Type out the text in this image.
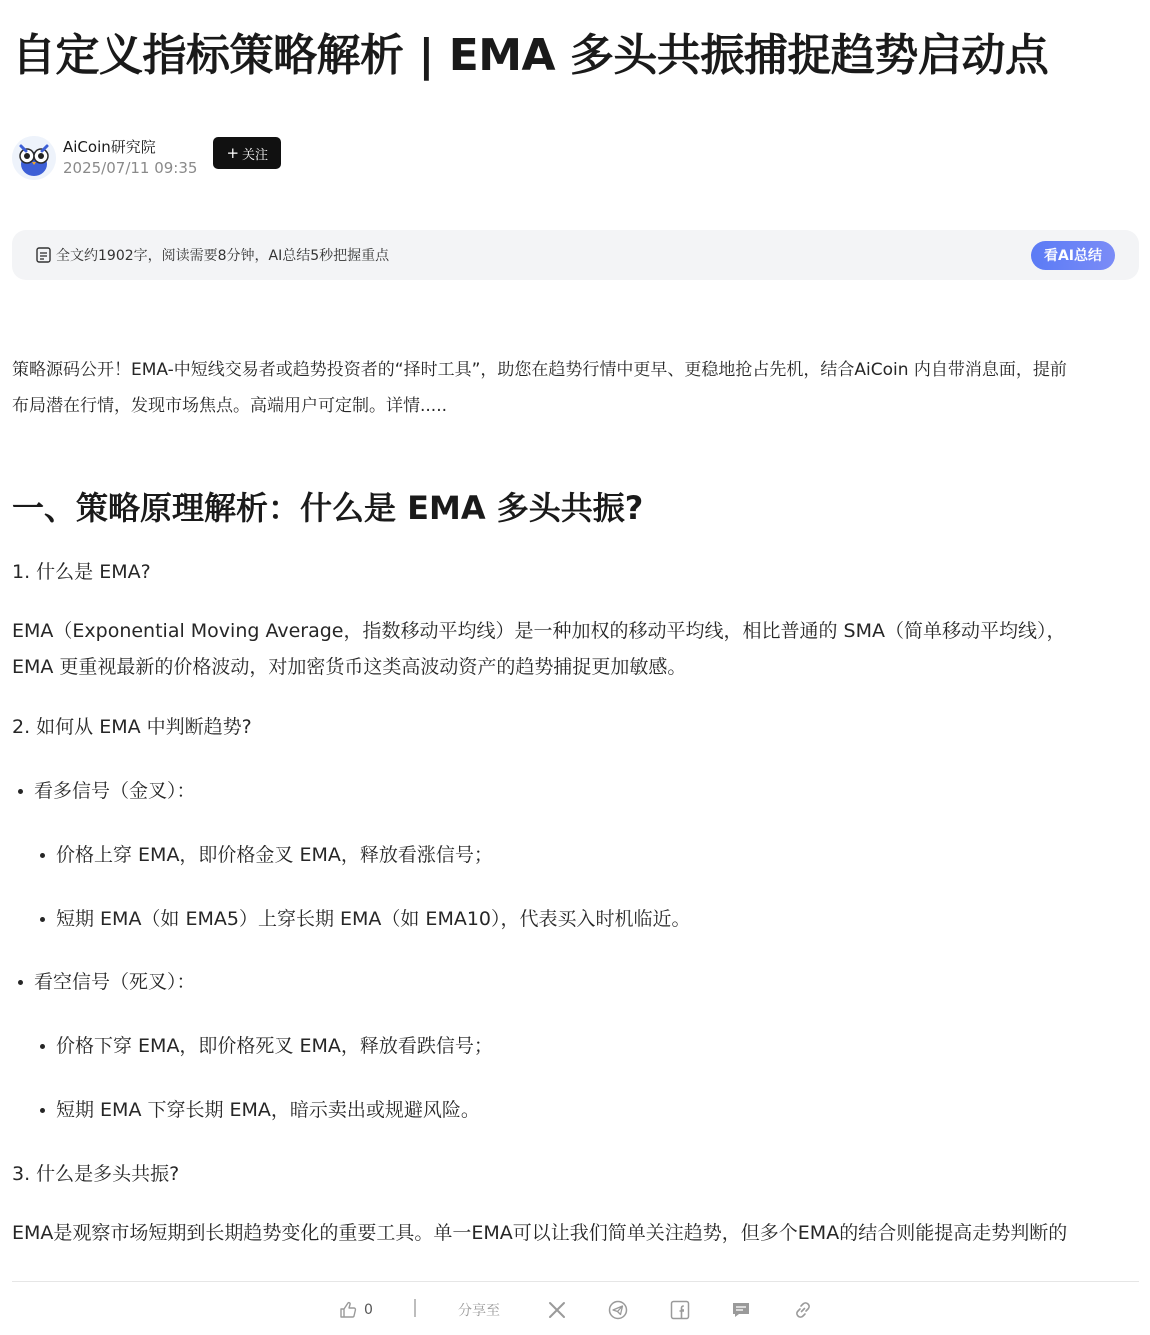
自定义指标策略解析 | EMA 多头共振捕捉趋势启动点
AiCoin研究院
2025/07/11 09:35
+ 关注
全文约1902字，阅读需要8分钟，AI总结5秒把握重点	看AI总结
策略源码公开！EMA-中短线交易者或趋势投资者的“择时工具”，助您在趋势行情中更早、更稳地抢占先机，结合AiCoin 内自带消息面，提前
布局潜在行情，发现市场焦点。高端用户可定制。详情.....
一、策略原理解析：什么是 EMA 多头共振?
1. 什么是 EMA?
EMA（Exponential Moving Average，指数移动平均线）是一种加权的移动平均线，相比普通的 SMA（简单移动平均线），
EMA 更重视最新的价格波动，对加密货币这类高波动资产的趋势捕捉更加敏感。
2. 如何从 EMA 中判断趋势?
看多信号（金叉）：
价格上穿 EMA，即价格金叉 EMA，释放看涨信号；
短期 EMA（如 EMA5）上穿长期 EMA（如 EMA10），代表买入时机临近。
看空信号（死叉）：
价格下穿 EMA，即价格死叉 EMA，释放看跌信号；
短期 EMA 下穿长期 EMA，暗示卖出或规避风险。
3. 什么是多头共振?
EMA是观察市场短期到长期趋势变化的重要工具。单一EMA可以让我们简单关注趋势，但多个EMA的结合则能提高走势判断的
0	分享至
